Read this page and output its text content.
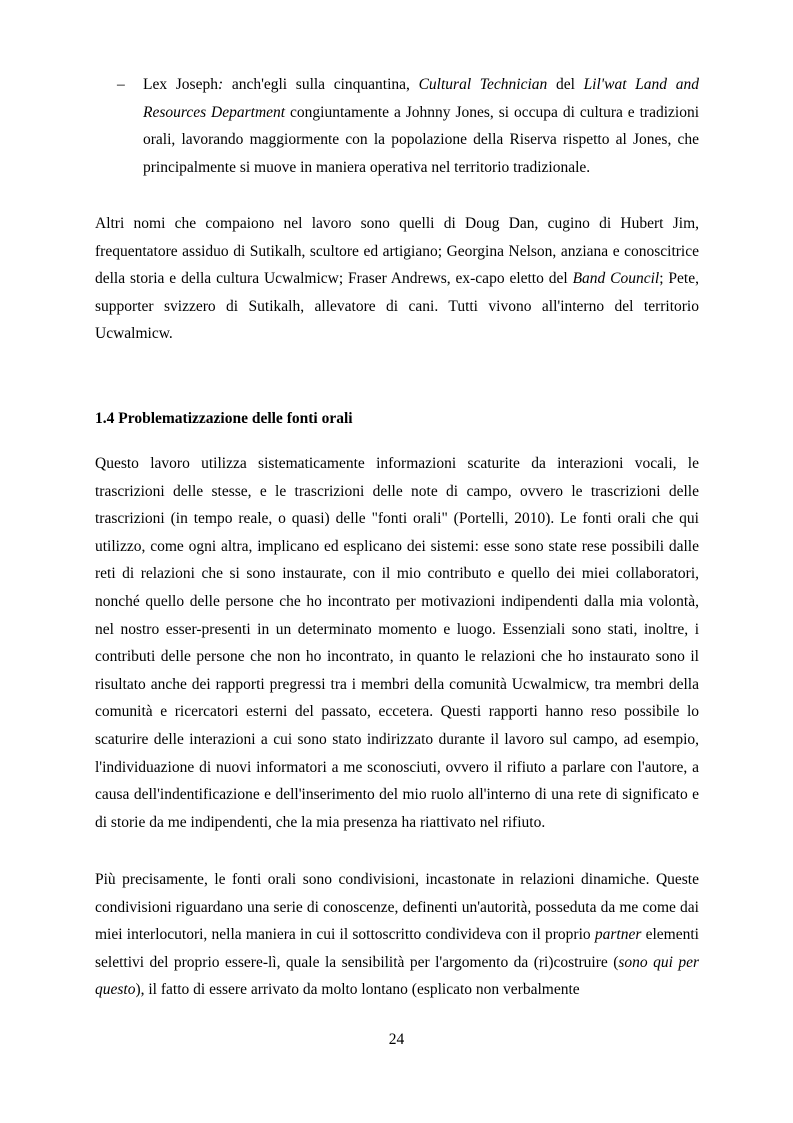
– Lex Joseph: anch'egli sulla cinquantina, Cultural Technician del Lil'wat Land and Resources Department congiuntamente a Johnny Jones, si occupa di cultura e tradizioni orali, lavorando maggiormente con la popolazione della Riserva rispetto al Jones, che principalmente si muove in maniera operativa nel territorio tradizionale.

Altri nomi che compaiono nel lavoro sono quelli di Doug Dan, cugino di Hubert Jim, frequentatore assiduo di Sutikalh, scultore ed artigiano; Georgina Nelson, anziana e conoscitrice della storia e della cultura Ucwalmicw; Fraser Andrews, ex-capo eletto del Band Council; Pete, supporter svizzero di Sutikalh, allevatore di cani. Tutti vivono all'interno del territorio Ucwalmicw.

1.4 Problematizzazione delle fonti orali

Questo lavoro utilizza sistematicamente informazioni scaturite da interazioni vocali, le trascrizioni delle stesse, e le trascrizioni delle note di campo, ovvero le trascrizioni delle trascrizioni (in tempo reale, o quasi) delle "fonti orali" (Portelli, 2010). Le fonti orali che qui utilizzo, come ogni altra, implicano ed esplicano dei sistemi: esse sono state rese possibili dalle reti di relazioni che si sono instaurate, con il mio contributo e quello dei miei collaboratori, nonché quello delle persone che ho incontrato per motivazioni indipendenti dalla mia volontà, nel nostro esser-presenti in un determinato momento e luogo. Essenziali sono stati, inoltre, i contributi delle persone che non ho incontrato, in quanto le relazioni che ho instaurato sono il risultato anche dei rapporti pregressi tra i membri della comunità Ucwalmicw, tra membri della comunità e ricercatori esterni del passato, eccetera. Questi rapporti hanno reso possibile lo scaturire delle interazioni a cui sono stato indirizzato durante il lavoro sul campo, ad esempio, l'individuazione di nuovi informatori a me sconosciuti, ovvero il rifiuto a parlare con l'autore, a causa dell'indentificazione e dell'inserimento del mio ruolo all'interno di una rete di significato e di storie da me indipendenti, che la mia presenza ha riattivato nel rifiuto.

Più precisamente, le fonti orali sono condivisioni, incastonate in relazioni dinamiche. Queste condivisioni riguardano una serie di conoscenze, definenti un'autorità, posseduta da me come dai miei interlocutori, nella maniera in cui il sottoscritto condivideva con il proprio partner elementi selettivi del proprio essere-lì, quale la sensibilità per l'argomento da (ri)costruire (sono qui per questo), il fatto di essere arrivato da molto lontano (esplicato non verbalmente

24
